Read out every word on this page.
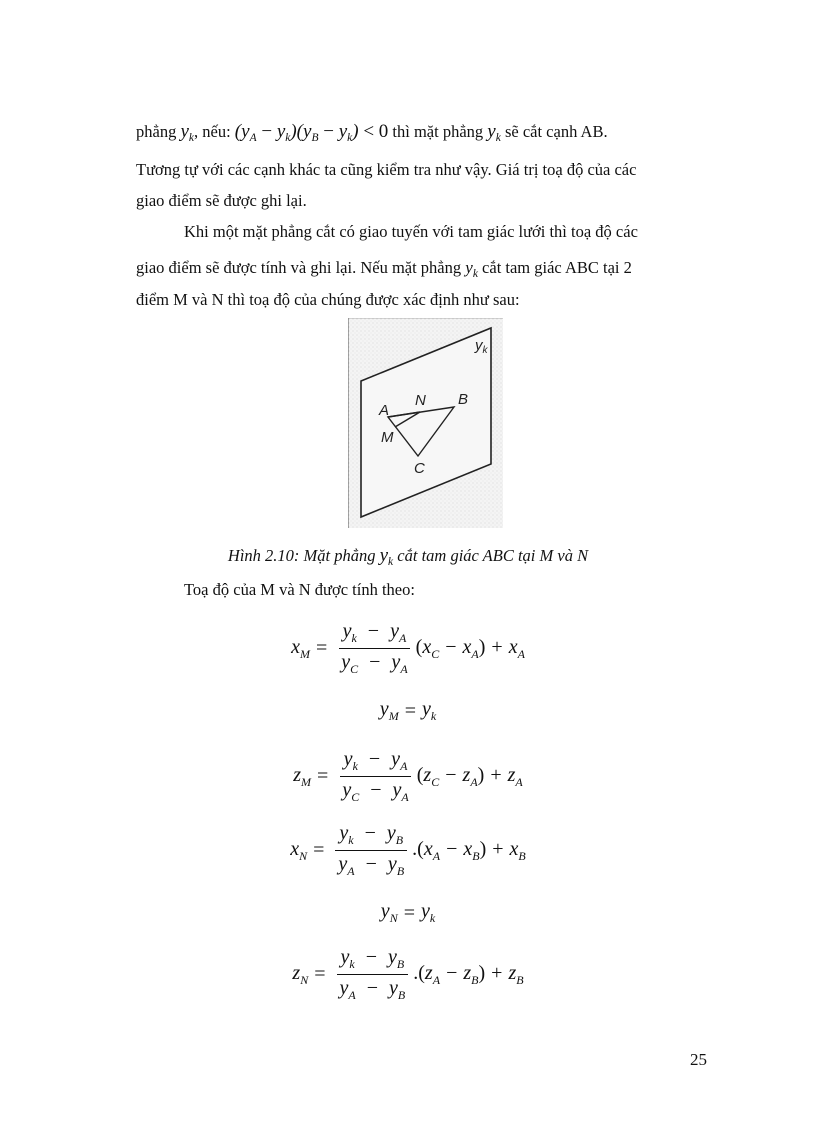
phẳng $y_k$, nếu: $(y_A - y_k)(y_B - y_k) < 0$ thì mặt phẳng $y_k$ sẽ cắt cạnh AB.

Tương tự với các cạnh khác ta cũng kiểm tra như vậy. Giá trị toạ độ của các

giao điểm sẽ được ghi lại.

Khi một mặt phẳng cắt có giao tuyến với tam giác lưới thì toạ độ các

giao điểm sẽ được tính và ghi lại. Nếu mặt phẳng $y_k$ cắt tam giác ABC tại 2

điểm M và N thì toạ độ của chúng được xác định như sau:

$y_k$
A
N B
M
C
Hình 2.10: Mặt phẳng $y_k$ cắt tam giác ABC tại M và N
Toạ độ của M và N được tính theo:
$x_M = \frac{y_k - y_A}{y_C - y_A} (x_C - x_A) + x_A$
$y_M = y_k$
$z_M = \frac{y_k - y_A}{y_C - y_A} (z_C - z_A) + z_A$
$x_N = \frac{y_k - y_B}{y_A - y_B} .(x_A - x_B) + x_B$
$y_N = y_k$
$z_N = \frac{y_k - y_B}{y_A - y_B} .(z_A - z_B) + z_B$
25
